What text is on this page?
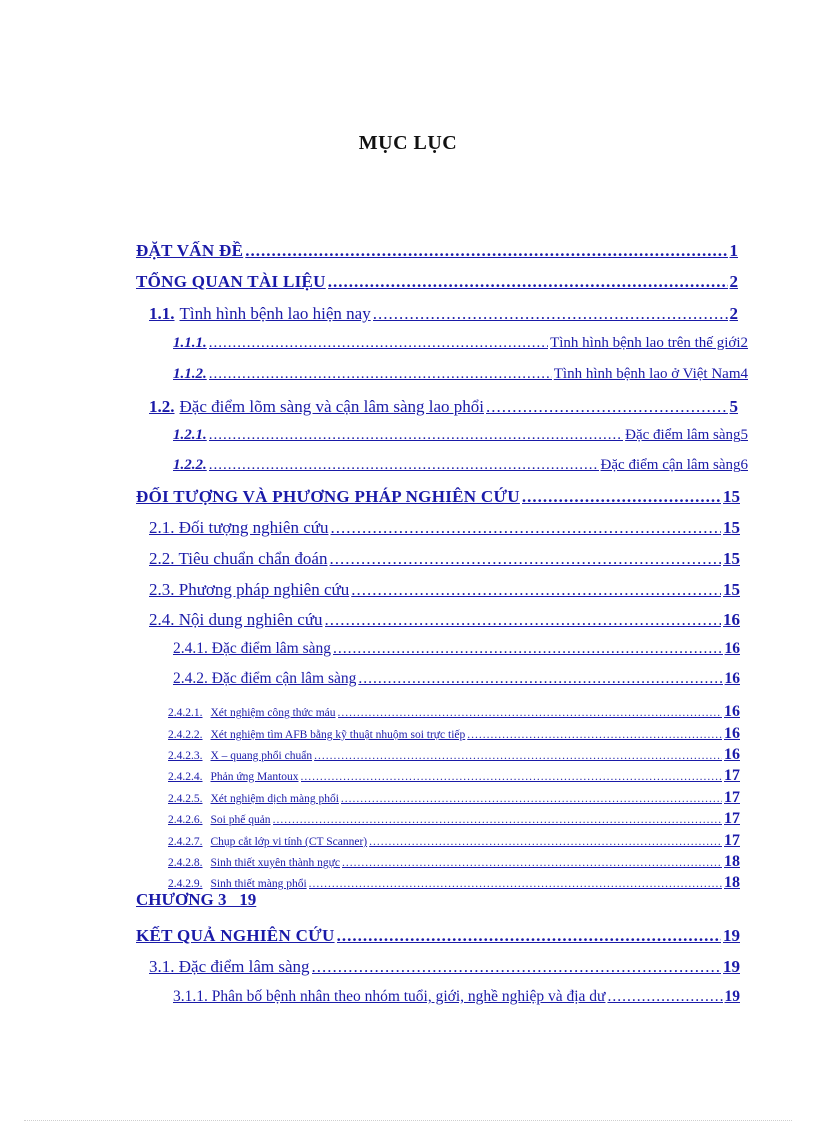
MỤC LỤC
ĐẶT VẤN ĐỀ .....	1
TỔNG QUAN TÀI LIỆU .....	2
1.1. Tình hình bệnh lao hiện nay .....	2
1.1.1. .....	Tình hình bệnh lao trên thế giới 2
1.1.2. .....	Tình hình bệnh lao ở Việt Nam 4
1.2. Đặc điểm lõm sàng và cận lâm sàng lao phổi .....	5
1.2.1. .....	Đặc điểm lâm sàng 5
1.2.2. .....	Đặc điểm cận lâm sàng 6
ĐỐI TƯỢNG VÀ PHƯƠNG PHÁP NGHIÊN CỨU .....	15
2.1. Đối tượng nghiên cứu .....	15
2.2. Tiêu chuẩn chẩn đoán .....	15
2.3. Phương pháp nghiên cứu .....	15
2.4. Nội dung nghiên cứu .....	16
2.4.1. Đặc điểm lâm sàng .....	16
2.4.2. Đặc điểm cận lâm sàng .....	16
2.4.2.1. Xét nghiệm công thức máu .....	16
2.4.2.2. Xét nghiệm tìm AFB bằng kỹ thuật nhuộm soi trực tiếp .....	16
2.4.2.3. X – quang phổi chuẩn .....	16
2.4.2.4. Phản ứng Mantoux .....	17
2.4.2.5. Xét nghiệm dịch màng phổi .....	17
2.4.2.6. Soi phế quản .....	17
2.4.2.7. Chụp cắt lớp vi tính (CT Scanner) .....	17
2.4.2.8. Sinh thiết xuyên thành ngực .....	18
2.4.2.9. Sinh thiết màng phổi .....	18
KẾT QUẢ NGHIÊN CỨU .....	19
3.1. Đặc điểm lâm sàng .....	19
3.1.1. Phân bố bệnh nhân theo nhóm tuổi, giới, nghề nghiệp và địa dư .....	19
CHƯƠNG 3   19
